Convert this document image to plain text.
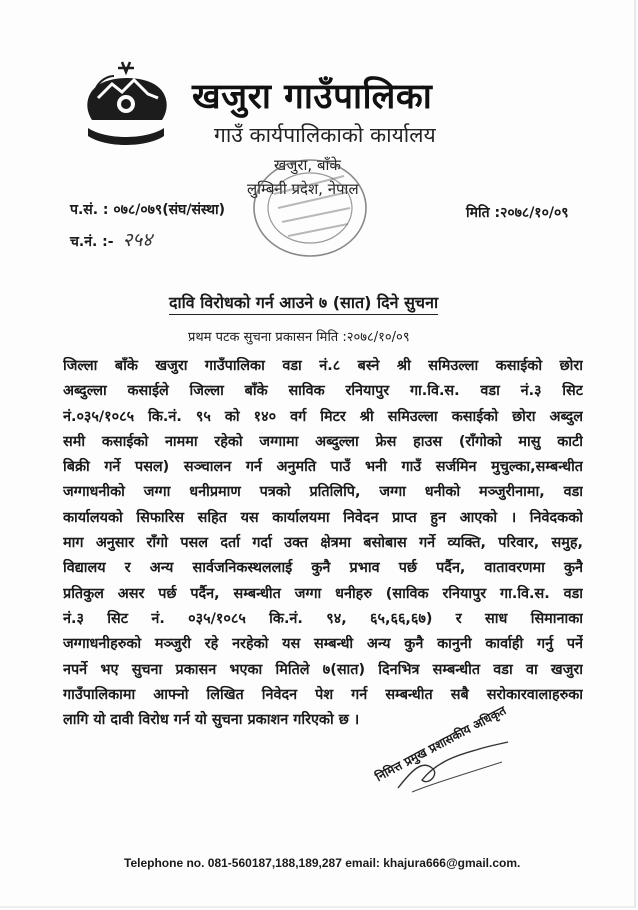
खजुरा गाउँपालिका
गाउँ कार्यपालिकाको कार्यालय
खजुरा, बाँके
लुम्बिनी प्रदेश, नेपाल
प.सं. : ०७८/०७९(संघ/संस्था)
च.नं. :- २५४
मिति :२०७८/१०/०९
दावि विरोधको गर्न आउने ७ (सात) दिने सुचना
प्रथम पटक सुचना प्रकासन मिति :२०७८/१०/०९

जिल्ला बाँके खजुरा गाउँपालिका वडा नं.८ बस्ने श्री समिउल्ला कसाईको छोरा
अब्दुल्ला कसाईले जिल्ला बाँके साविक रनियापुर गा.वि.स. वडा नं.३ सिट
नं.०३५/१०८५ कि.नं. ९५ को १४० वर्ग मिटर श्री समिउल्ला कसाईको छोरा अब्दुल
समी कसाईको नाममा रहेको जग्गामा अब्दुल्ला फ्रेस हाउस (राँगोको मासु काटी
बिक्री गर्ने पसल) सञ्चालन गर्न अनुमति पाउँ भनी गाउँ सर्जमिन मुचुल्का,सम्बन्धीत
जग्गाधनीको जग्गा धनीप्रमाण पत्रको प्रतिलिपि, जग्गा धनीको मञ्जुरीनामा, वडा
कार्यालयको सिफारिस सहित यस कार्यालयमा निवेदन प्राप्त हुन आएको । निवेदकको
माग अनुसार राँगो पसल दर्ता गर्दा उक्त क्षेत्रमा बसोबास गर्ने व्यक्ति, परिवार, समुह,
विद्यालय र अन्य सार्वजनिकस्थललाई कुनै प्रभाव पर्छ पर्दैन, वातावरणमा कुनै
प्रतिकुल असर पर्छ पर्दैन, सम्बन्धीत जग्गा धनीहरु (साविक रनियापुर गा.वि.स. वडा
नं.३ सिट नं. ०३५/१०८५ कि.नं. ९४, ६५,६६,६७) र साध सिमानाका
जग्गाधनीहरुको मञ्जुरी रहे नरहेको यस सम्बन्धी अन्य कुनै कानुनी कार्वाही गर्नु पर्ने
नपर्ने भए सुचना प्रकासन भएका मितिले ७(सात) दिनभित्र सम्बन्धीत वडा वा खजुरा
गाउँपालिकामा आफ्नो लिखित निवेदन पेश गर्न सम्बन्धीत सबै सरोकारवालाहरुका
लागि यो दावी विरोध गर्न यो सुचना प्रकाशन गरिएको छ ।	निमित्त प्रमुख प्रशासकीय अधिकृत
Telephone no. 081-560187,188,189,287 email: khajura666@gmail.com.
